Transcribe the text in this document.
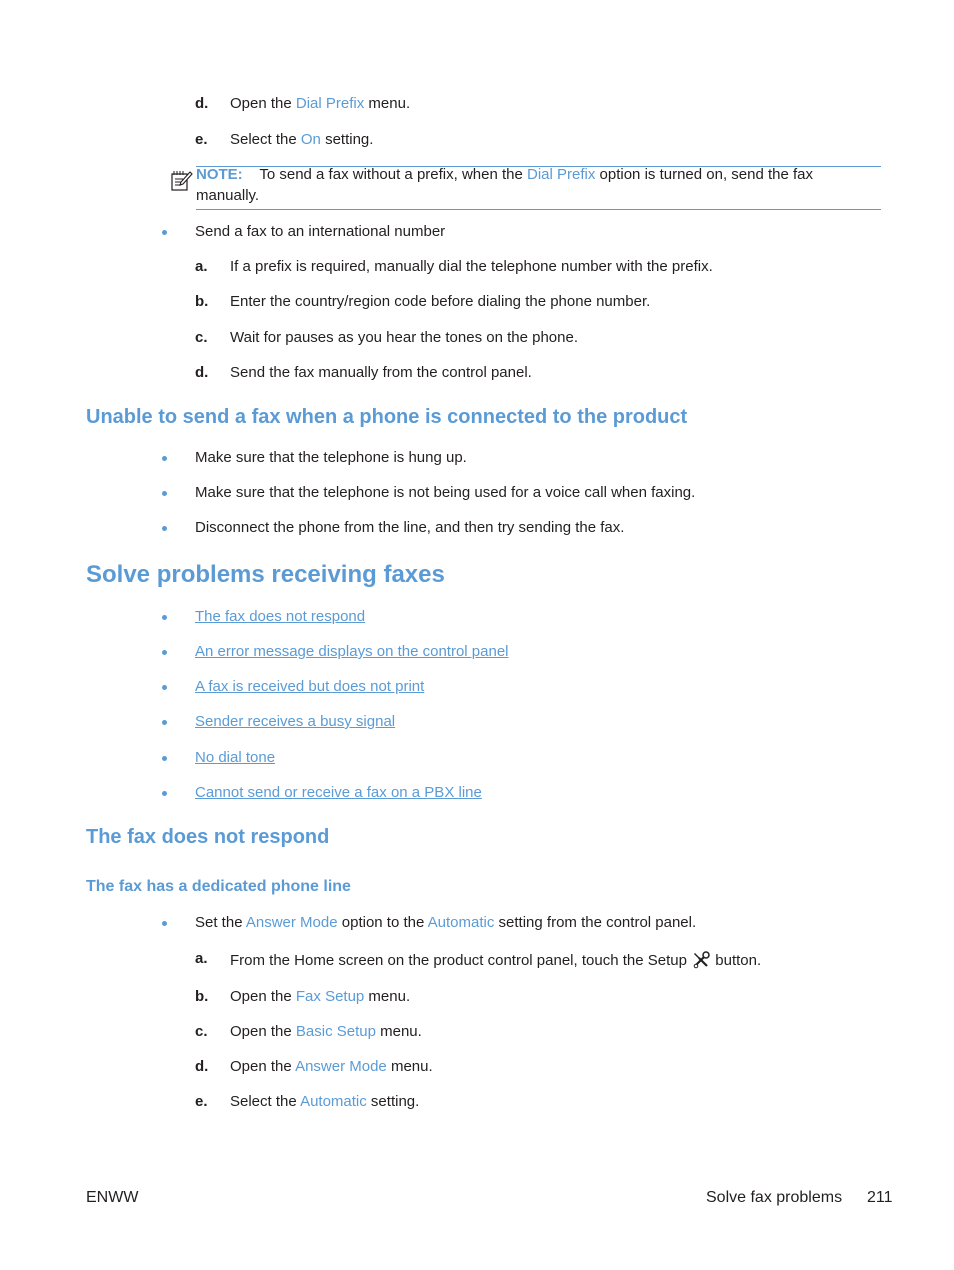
d. Open the Dial Prefix menu.
e. Select the On setting.
NOTE: To send a fax without a prefix, when the Dial Prefix option is turned on, send the fax
manually.
Send a fax to an international number
a. If a prefix is required, manually dial the telephone number with the prefix.
b. Enter the country/region code before dialing the phone number.
c. Wait for pauses as you hear the tones on the phone.
d. Send the fax manually from the control panel.
Unable to send a fax when a phone is connected to the product
Make sure that the telephone is hung up.
Make sure that the telephone is not being used for a voice call when faxing.
Disconnect the phone from the line, and then try sending the fax.
Solve problems receiving faxes
The fax does not respond
An error message displays on the control panel
A fax is received but does not print
Sender receives a busy signal
No dial tone
Cannot send or receive a fax on a PBX line
The fax does not respond
The fax has a dedicated phone line
Set the Answer Mode option to the Automatic setting from the control panel.
a. From the Home screen on the product control panel, touch the Setup  button.
b. Open the Fax Setup menu.
c. Open the Basic Setup menu.
d. Open the Answer Mode menu.
e. Select the Automatic setting.
ENWW	Solve fax problems 211
